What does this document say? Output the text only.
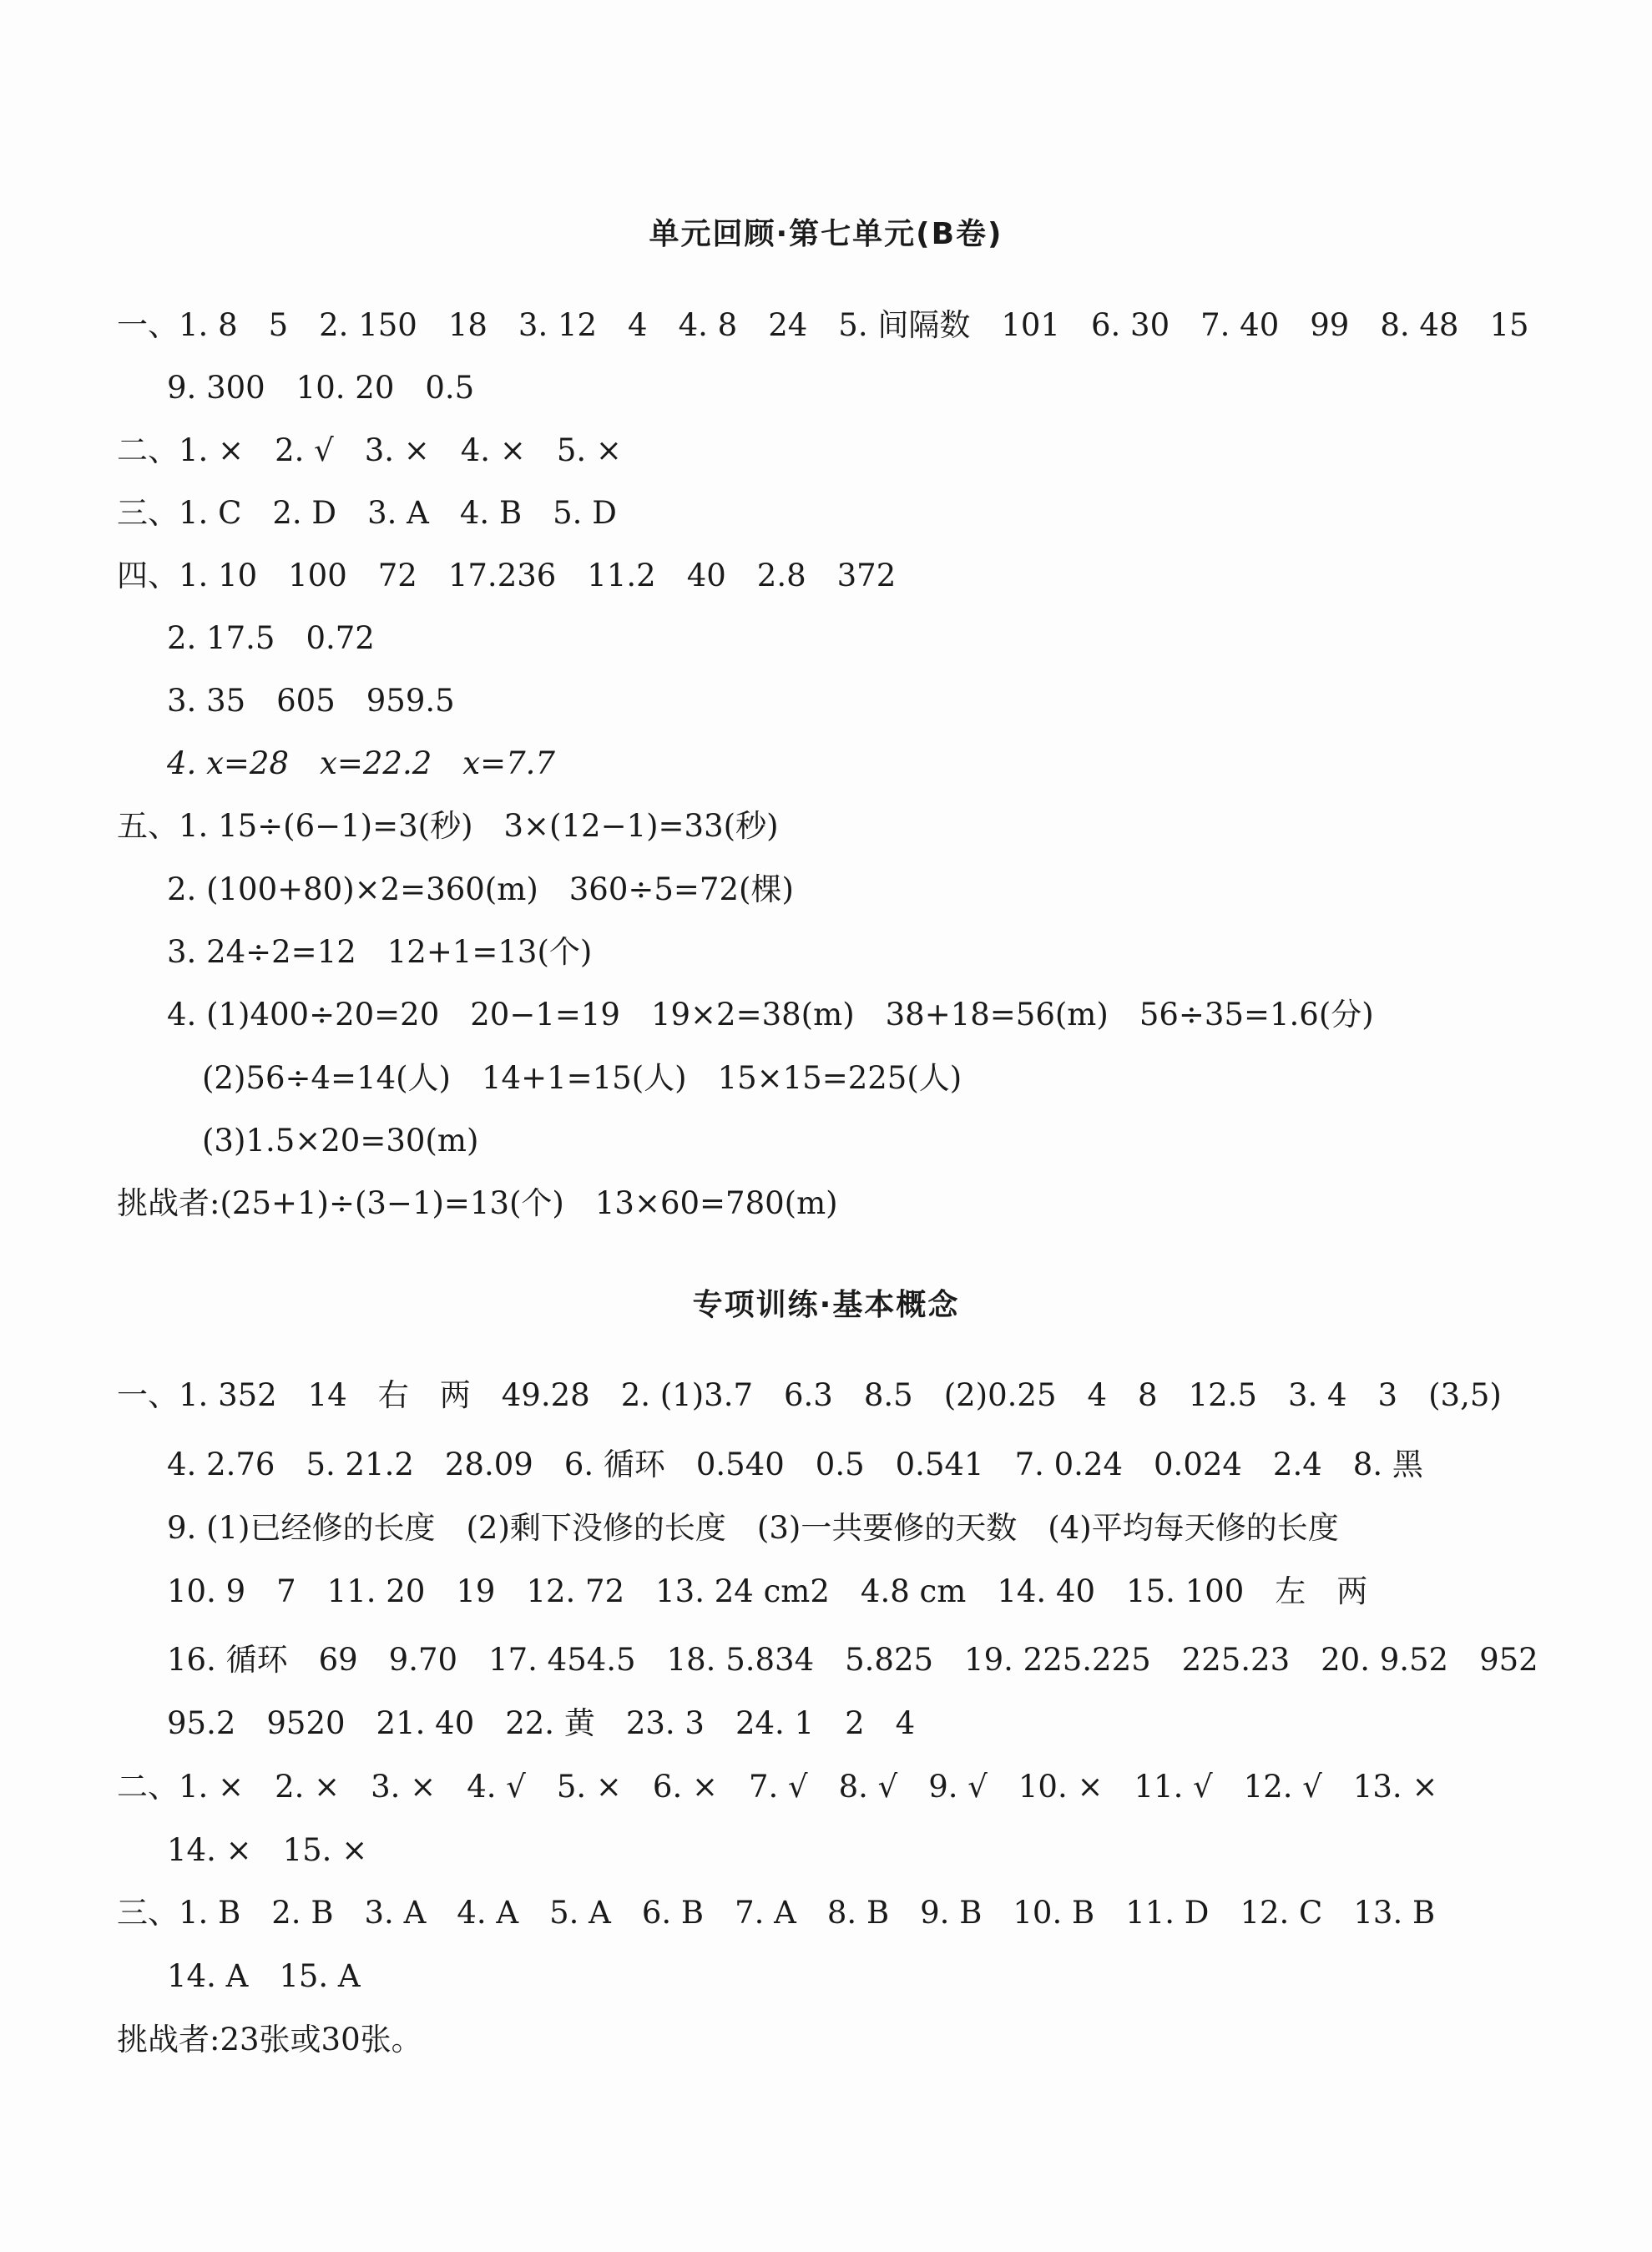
单元回顾·第七单元(B卷)
一、1. 8　5　2. 150　18　3. 12　4　4. 8　24　5. 间隔数　101　6. 30　7. 40　99　8. 48　15
9. 300　10. 20　0.5
二、1. ×　2. √　3. ×　4. ×　5. ×
三、1. C　2. D　3. A　4. B　5. D
四、1. 10　100　72　17.236　11.2　40　2.8　372
2. 17.5　0.72
3. 35　605　959.5
4. x=28　x=22.2　x=7.7
五、1. 15÷(6−1)=3(秒)　3×(12−1)=33(秒)
2. (100+80)×2=360(m)　360÷5=72(棵)
3. 24÷2=12　12+1=13(个)
4. (1)400÷20=20　20−1=19　19×2=38(m)　38+18=56(m)　56÷35=1.6(分)
(2)56÷4=14(人)　14+1=15(人)　15×15=225(人)
(3)1.5×20=30(m)
挑战者:(25+1)÷(3−1)=13(个)　13×60=780(m)
专项训练·基本概念
一、1. 352　14　右　两　49.28　2. (1)3.7　6.3　8.5　(2)0.25　4　8　12.5　3. 4　3　(3,5)
4. 2.76　5. 21.2　28.09　6. 循环　0.540　0.5　0.541　7. 0.24　0.024　2.4　8. 黑
9. (1)已经修的长度　(2)剩下没修的长度　(3)一共要修的天数　(4)平均每天修的长度
10. 9　7　11. 20　19　12. 72　13. 24 cm2　4.8 cm　14. 40　15. 100　左　两
16. 循环　69　9.70　17. 454.5　18. 5.834　5.825　19. 225.225　225.23　20. 9.52　952
95.2　9520　21. 40　22. 黄　23. 3　24. 1　2　4
二、1. ×　2. ×　3. ×　4. √　5. ×　6. ×　7. √　8. √　9. √　10. ×　11. √　12. √　13. ×
14. ×　15. ×
三、1. B　2. B　3. A　4. A　5. A　6. B　7. A　8. B　9. B　10. B　11. D　12. C　13. B
14. A　15. A
挑战者:23张或30张。
